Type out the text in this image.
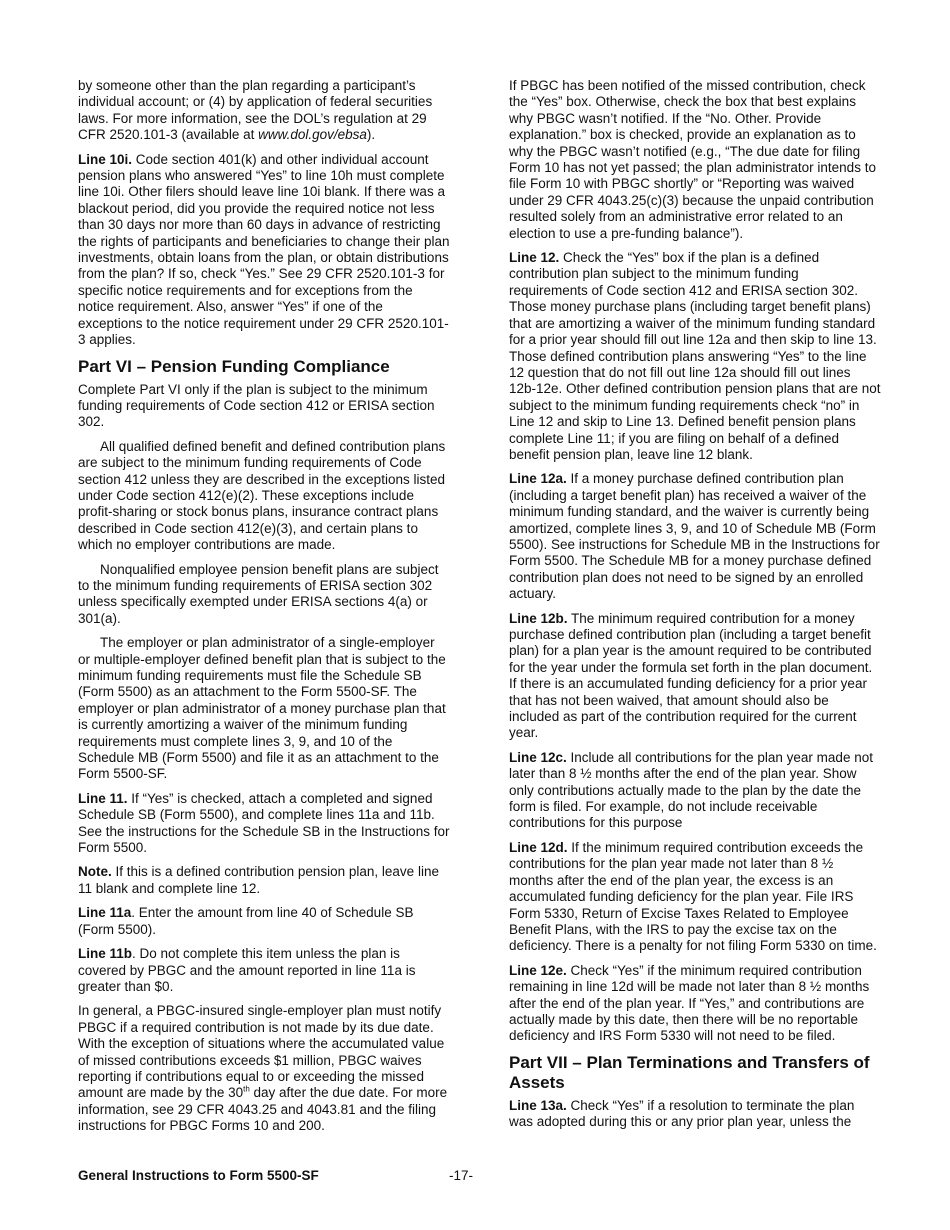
by someone other than the plan regarding a participant’s individual account; or (4) by application of federal securities laws. For more information, see the DOL’s regulation at 29 CFR 2520.101-3 (available at www.dol.gov/ebsa).

Line 10i. Code section 401(k) and other individual account pension plans who answered “Yes” to line 10h must complete line 10i. Other filers should leave line 10i blank. If there was a blackout period, did you provide the required notice not less than 30 days nor more than 60 days in advance of restricting the rights of participants and beneficiaries to change their plan investments, obtain loans from the plan, or obtain distributions from the plan? If so, check “Yes.” See 29 CFR 2520.101-3 for specific notice requirements and for exceptions from the notice requirement. Also, answer “Yes” if one of the exceptions to the notice requirement under 29 CFR 2520.101-3 applies.

Part VI – Pension Funding Compliance

Complete Part VI only if the plan is subject to the minimum funding requirements of Code section 412 or ERISA section 302.

All qualified defined benefit and defined contribution plans are subject to the minimum funding requirements of Code section 412 unless they are described in the exceptions listed under Code section 412(e)(2). These exceptions include profit-sharing or stock bonus plans, insurance contract plans described in Code section 412(e)(3), and certain plans to which no employer contributions are made.

Nonqualified employee pension benefit plans are subject to the minimum funding requirements of ERISA section 302 unless specifically exempted under ERISA sections 4(a) or 301(a).

The employer or plan administrator of a single-employer or multiple-employer defined benefit plan that is subject to the minimum funding requirements must file the Schedule SB (Form 5500) as an attachment to the Form 5500-SF. The employer or plan administrator of a money purchase plan that is currently amortizing a waiver of the minimum funding requirements must complete lines 3, 9, and 10 of the Schedule MB (Form 5500) and file it as an attachment to the Form 5500-SF.

Line 11. If “Yes” is checked, attach a completed and signed Schedule SB (Form 5500), and complete lines 11a and 11b. See the instructions for the Schedule SB in the Instructions for Form 5500.

Note. If this is a defined contribution pension plan, leave line 11 blank and complete line 12.

Line 11a. Enter the amount from line 40 of Schedule SB (Form 5500).

Line 11b. Do not complete this item unless the plan is covered by PBGC and the amount reported in line 11a is greater than $0.

In general, a PBGC-insured single-employer plan must notify PBGC if a required contribution is not made by its due date. With the exception of situations where the accumulated value of missed contributions exceeds $1 million, PBGC waives reporting if contributions equal to or exceeding the missed amount are made by the 30th day after the due date. For more information, see 29 CFR 4043.25 and 4043.81 and the filing instructions for PBGC Forms 10 and 200.

If PBGC has been notified of the missed contribution, check the “Yes” box. Otherwise, check the box that best explains why PBGC wasn’t notified. If the “No. Other. Provide explanation.” box is checked, provide an explanation as to why the PBGC wasn’t notified (e.g., “The due date for filing Form 10 has not yet passed; the plan administrator intends to file Form 10 with PBGC shortly” or “Reporting was waived under 29 CFR 4043.25(c)(3) because the unpaid contribution resulted solely from an administrative error related to an election to use a pre-funding balance”).

Line 12. Check the “Yes” box if the plan is a defined contribution plan subject to the minimum funding requirements of Code section 412 and ERISA section 302. Those money purchase plans (including target benefit plans) that are amortizing a waiver of the minimum funding standard for a prior year should fill out line 12a and then skip to line 13. Those defined contribution plans answering “Yes” to the line 12 question that do not fill out line 12a should fill out lines 12b-12e. Other defined contribution pension plans that are not subject to the minimum funding requirements check “no” in Line 12 and skip to Line 13. Defined benefit pension plans complete Line 11; if you are filing on behalf of a defined benefit pension plan, leave line 12 blank.

Line 12a. If a money purchase defined contribution plan (including a target benefit plan) has received a waiver of the minimum funding standard, and the waiver is currently being amortized, complete lines 3, 9, and 10 of Schedule MB (Form 5500). See instructions for Schedule MB in the Instructions for Form 5500. The Schedule MB for a money purchase defined contribution plan does not need to be signed by an enrolled actuary.

Line 12b. The minimum required contribution for a money purchase defined contribution plan (including a target benefit plan) for a plan year is the amount required to be contributed for the year under the formula set forth in the plan document. If there is an accumulated funding deficiency for a prior year that has not been waived, that amount should also be included as part of the contribution required for the current year.

Line 12c. Include all contributions for the plan year made not later than 8 ½ months after the end of the plan year. Show only contributions actually made to the plan by the date the form is filed. For example, do not include receivable contributions for this purpose

Line 12d. If the minimum required contribution exceeds the contributions for the plan year made not later than 8 ½ months after the end of the plan year, the excess is an accumulated funding deficiency for the plan year. File IRS Form 5330, Return of Excise Taxes Related to Employee Benefit Plans, with the IRS to pay the excise tax on the deficiency. There is a penalty for not filing Form 5330 on time.

Line 12e. Check “Yes” if the minimum required contribution remaining in line 12d will be made not later than 8 ½ months after the end of the plan year. If “Yes,” and contributions are actually made by this date, then there will be no reportable deficiency and IRS Form 5330 will not need to be filed.

Part VII – Plan Terminations and Transfers of Assets

Line 13a. Check “Yes” if a resolution to terminate the plan was adopted during this or any prior plan year, unless the

General Instructions to Form 5500-SF	-17-
